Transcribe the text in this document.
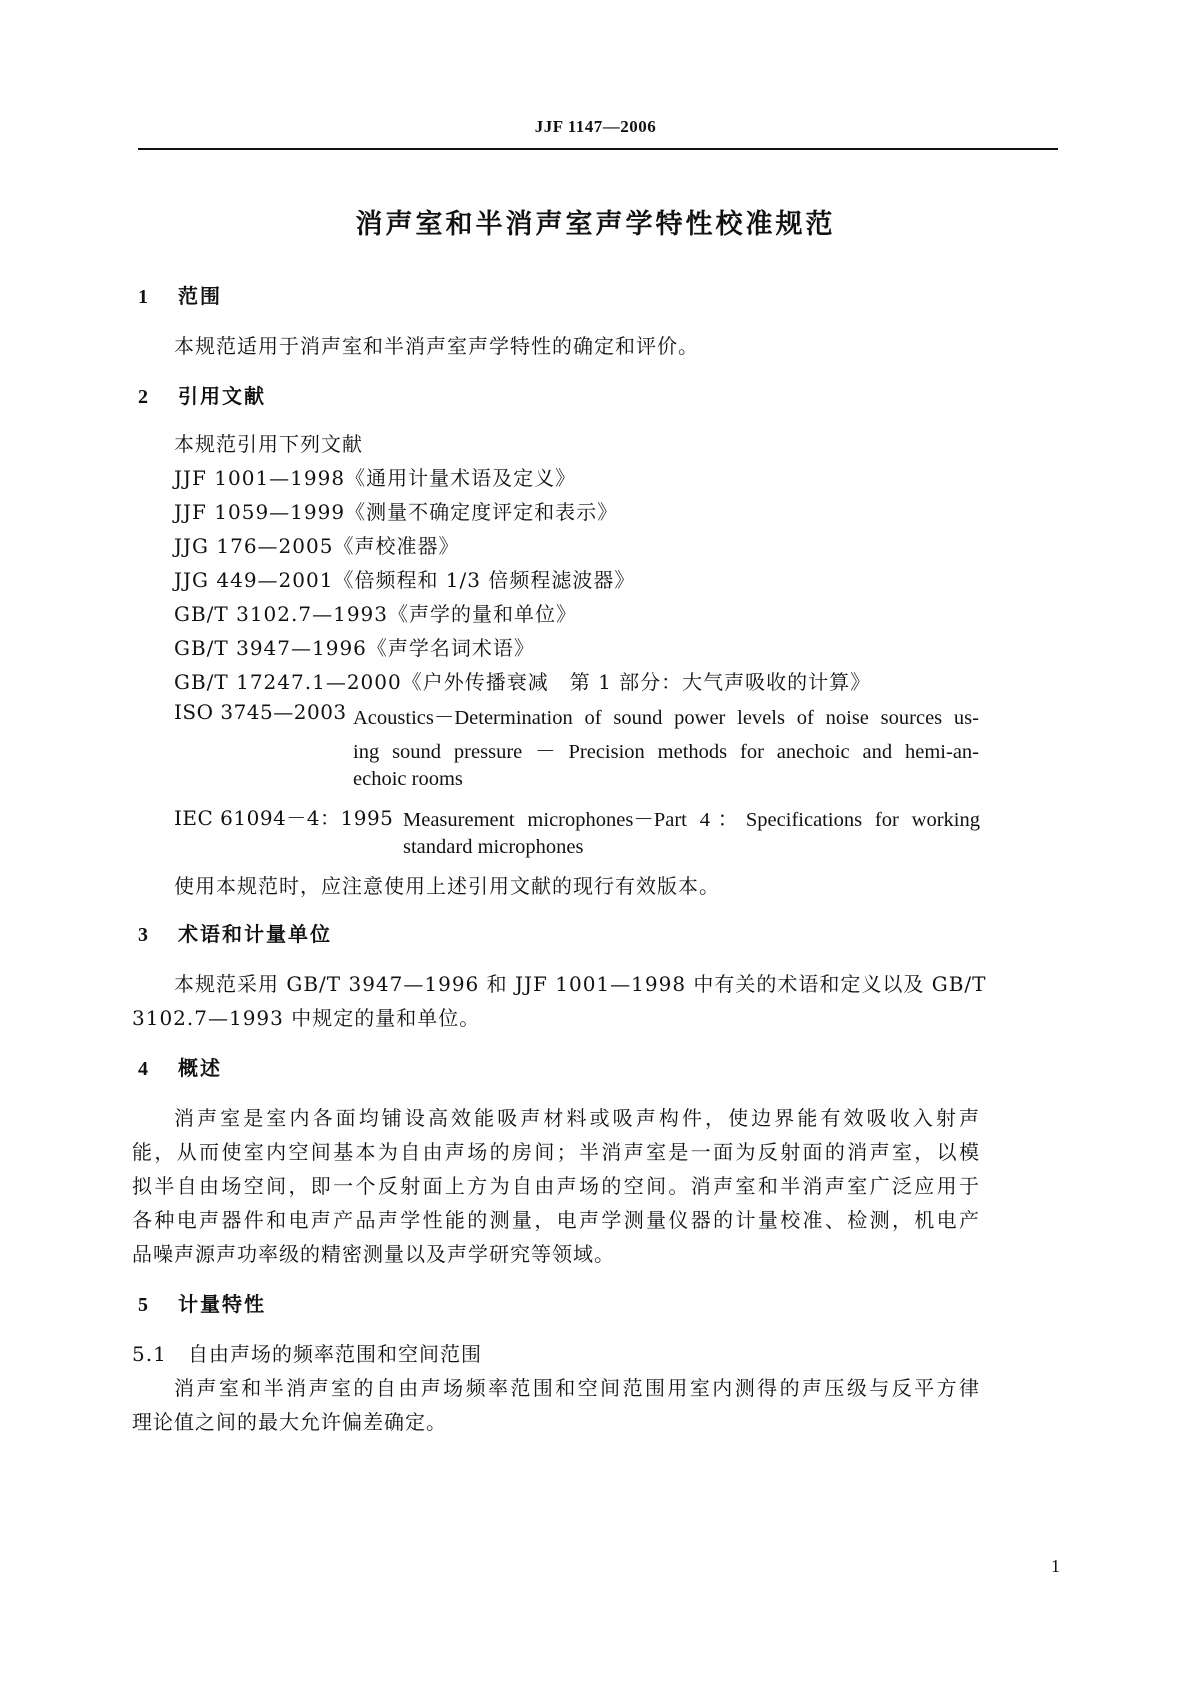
JJF 1147—2006
消声室和半消声室声学特性校准规范
1 范围
本规范适用于消声室和半消声室声学特性的确定和评价。
2 引用文献
本规范引用下列文献
JJF 1001—1998《通用计量术语及定义》
JJF 1059—1999《测量不确定度评定和表示》
JJG 176—2005《声校准器》
JJG 449—2001《倍频程和 1/3 倍频程滤波器》
GB/T 3102.7—1993《声学的量和单位》
GB/T 3947—1996《声学名词术语》
GB/T 17247.1—2000《户外传播衰减　第 1 部分：大气声吸收的计算》
ISO 3745—2003 Acoustics－Determination of sound power levels of noise sources us-
ing sound pressure － Precision methods for anechoic and hemi-an-
echoic rooms
IEC 61094－4：1995 Measurement microphones－Part 4：Specifications for working
standard microphones
使用本规范时，应注意使用上述引用文献的现行有效版本。
3 术语和计量单位
本规范采用 GB/T 3947—1996 和 JJF 1001—1998 中有关的术语和定义以及 GB/T
3102.7—1993 中规定的量和单位。
4 概述
消声室是室内各面均铺设高效能吸声材料或吸声构件，使边界能有效吸收入射声
能，从而使室内空间基本为自由声场的房间；半消声室是一面为反射面的消声室，以模
拟半自由场空间，即一个反射面上方为自由声场的空间。消声室和半消声室广泛应用于
各种电声器件和电声产品声学性能的测量，电声学测量仪器的计量校准、检测，机电产
品噪声源声功率级的精密测量以及声学研究等领域。
5 计量特性
5.1 自由声场的频率范围和空间范围
消声室和半消声室的自由声场频率范围和空间范围用室内测得的声压级与反平方律
理论值之间的最大允许偏差确定。
1
